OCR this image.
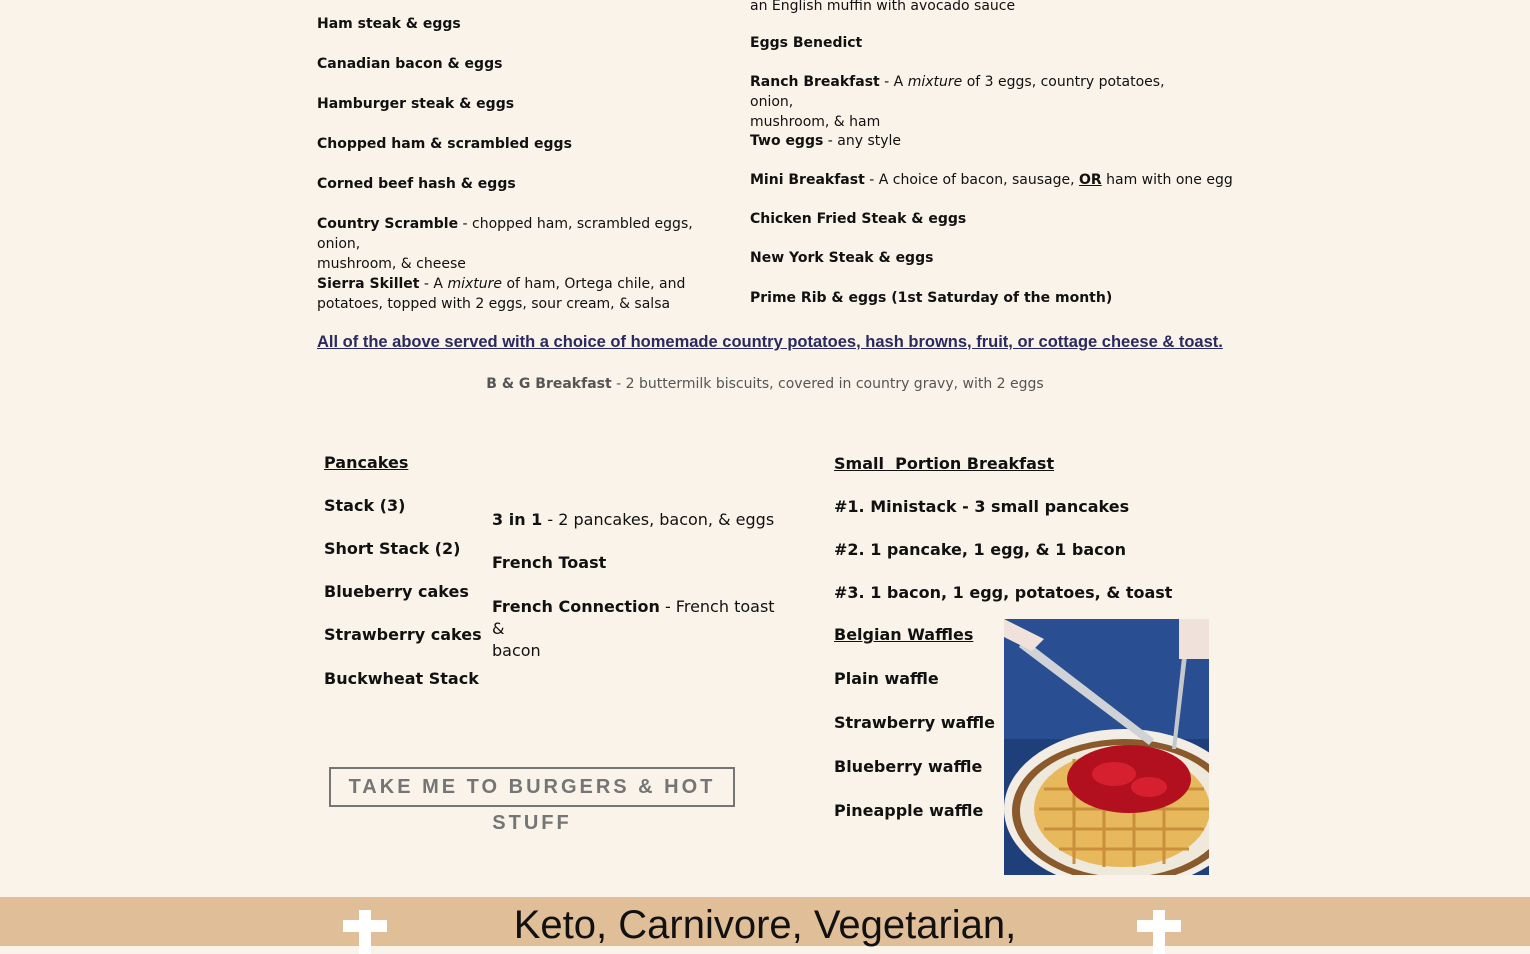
Ham steak & eggs
Canadian bacon & eggs
Hamburger steak & eggs
Chopped ham & scrambled eggs
Corned beef hash & eggs
Country Scramble - chopped ham, scrambled eggs, onion,
mushroom, & cheese
Sierra Skillet - A mixture of ham, Ortega chile, and
potatoes, topped with 2 eggs, sour cream, & salsa
an English muffin with avocado sauce
Eggs Benedict
Ranch Breakfast - A mixture of 3 eggs, country potatoes, onion,
mushroom, & ham
Two eggs - any style
Mini Breakfast - A choice of bacon, sausage, OR ham with one egg
Chicken Fried Steak & eggs
New York Steak & eggs
Prime Rib & eggs (1st Saturday of the month)
All of the above served with a choice of homemade country potatoes, hash browns, fruit, or cottage cheese & toast.
B & G Breakfast - 2 buttermilk biscuits, covered in country gravy, with 2 eggs
Pancakes
Stack (3)
Short Stack (2)
Blueberry cakes
Strawberry cakes
Buckwheat Stack
3 in 1 - 2 pancakes, bacon, & eggs
French Toast
French Connection - French toast &
bacon
Small  Portion Breakfast
#1. Ministack - 3 small pancakes
#2. 1 pancake, 1 egg, & 1 bacon
#3. 1 bacon, 1 egg, potatoes, & toast
Belgian Waffles
Plain waffle
Strawberry waffle
Blueberry waffle
Pineapple waffle
TAKE ME TO BURGERS & HOT STUFF
Keto, Carnivore, Vegetarian,
